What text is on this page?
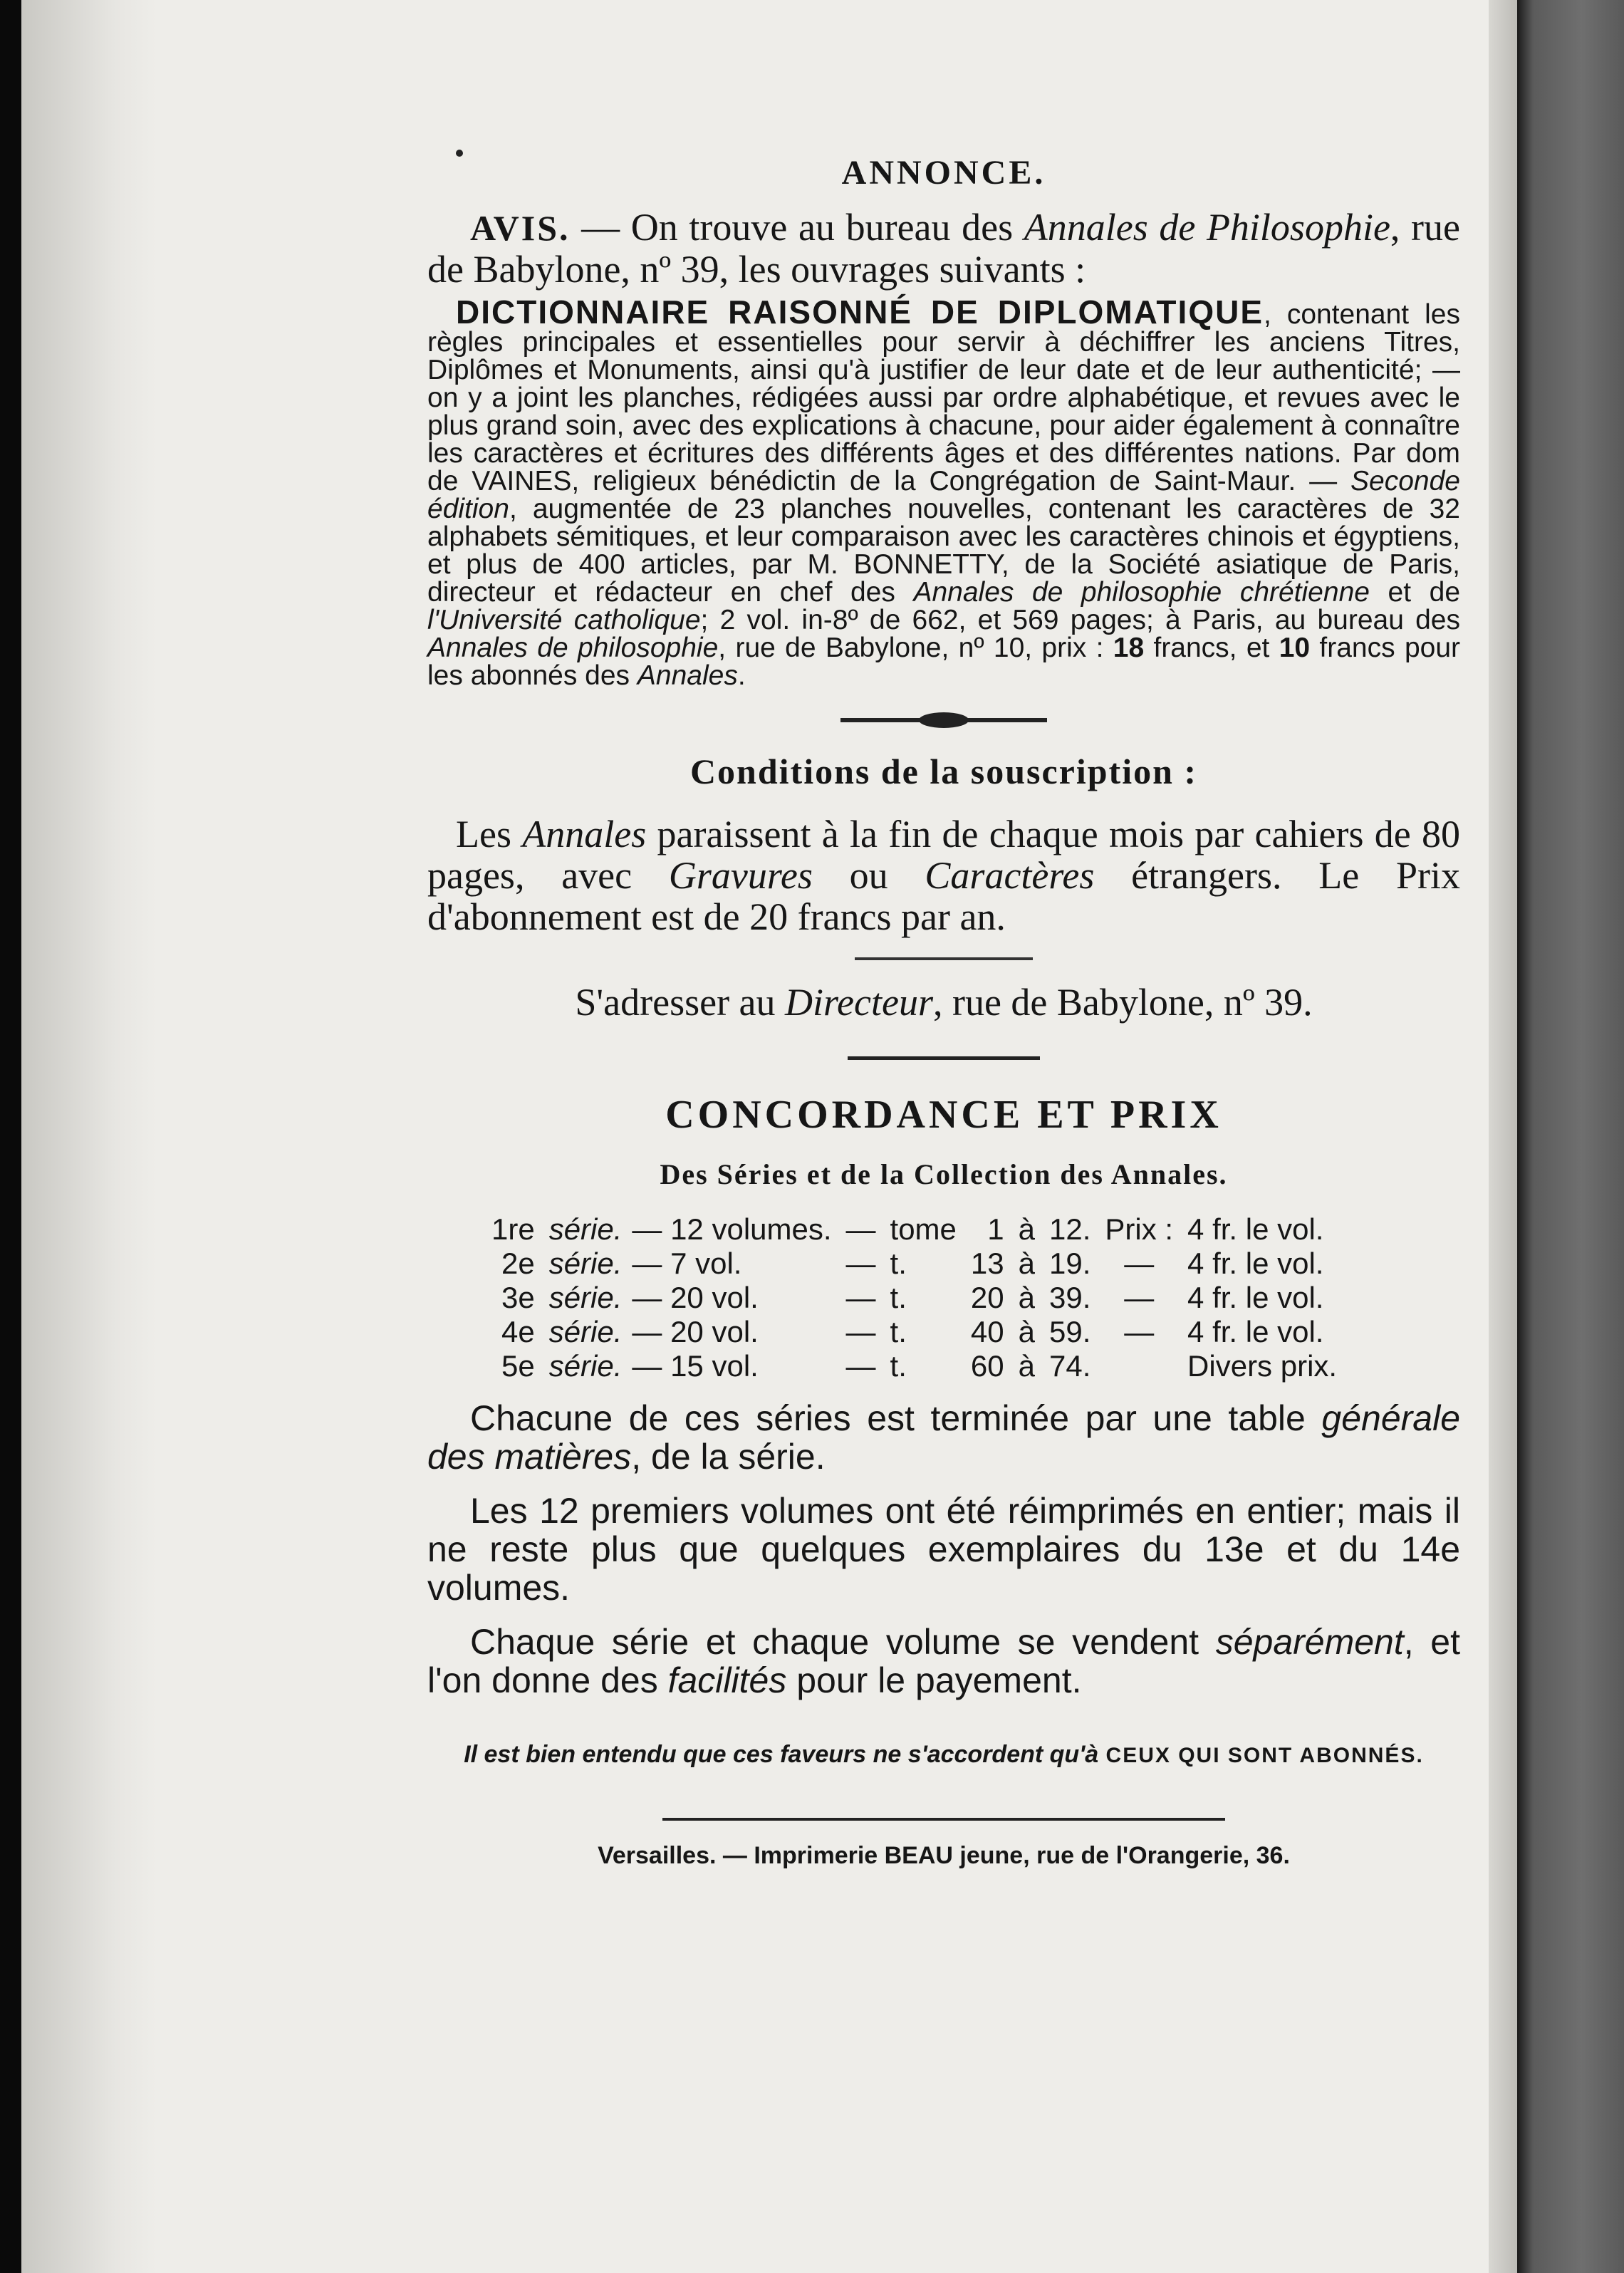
ANNONCE.

AVIS. — On trouve au bureau des Annales de Philosophie, rue de Babylone, nº 39, les ouvrages suivants :

DICTIONNAIRE RAISONNÉ DE DIPLOMATIQUE, contenant les règles principales et essentielles pour servir à déchiffrer les anciens Titres, Diplômes et Monuments, ainsi qu'à justifier de leur date et de leur authenticité; — on y a joint les planches, rédigées aussi par ordre alphabétique, et revues avec le plus grand soin, avec des explications à chacune, pour aider également à connaître les caractères et écritures des différents âges et des différentes nations. Par dom de VAINES, religieux bénédictin de la Congrégation de Saint-Maur. — Seconde édition, augmentée de 23 planches nouvelles, contenant les caractères de 32 alphabets sémitiques, et leur comparaison avec les caractères chinois et égyptiens, et plus de 400 articles, par M. BONNETTY, de la Société asiatique de Paris, directeur et rédacteur en chef des Annales de philosophie chrétienne et de l'Université catholique; 2 vol. in-8º de 662, et 569 pages; à Paris, au bureau des Annales de philosophie, rue de Babylone, nº 10, prix : 18 francs, et 10 francs pour les abonnés des Annales.

Conditions de la souscription :

Les Annales paraissent à la fin de chaque mois par cahiers de 80 pages, avec Gravures ou Caractères étrangers. Le Prix d'abonnement est de 20 francs par an.

S'adresser au Directeur, rue de Babylone, nº 39.

CONCORDANCE ET PRIX
Des Séries et de la Collection des Annales.
1re	série.	— 12 volumes.	—	tome	1	à	12.	Prix :	4 fr. le vol.
2e	série.	— 7 vol.	—	t.	13	à	19.	—	4 fr. le vol.
3e	série.	— 20 vol.	—	t.	20	à	39.	—	4 fr. le vol.
4e	série.	— 20 vol.	—	t.	40	à	59.	—	4 fr. le vol.
5e	série.	— 15 vol.	—	t.	60	à	74.		Divers prix.

Chacune de ces séries est terminée par une table générale des matières, de la série.

Les 12 premiers volumes ont été réimprimés en entier; mais il ne reste plus que quelques exemplaires du 13e et du 14e volumes.

Chaque série et chaque volume se vendent séparément, et l'on donne des facilités pour le payement.

Il est bien entendu que ces faveurs ne s'accordent qu'à CEUX QUI SONT ABONNÉS.

Versailles. — Imprimerie BEAU jeune, rue de l'Orangerie, 36.
